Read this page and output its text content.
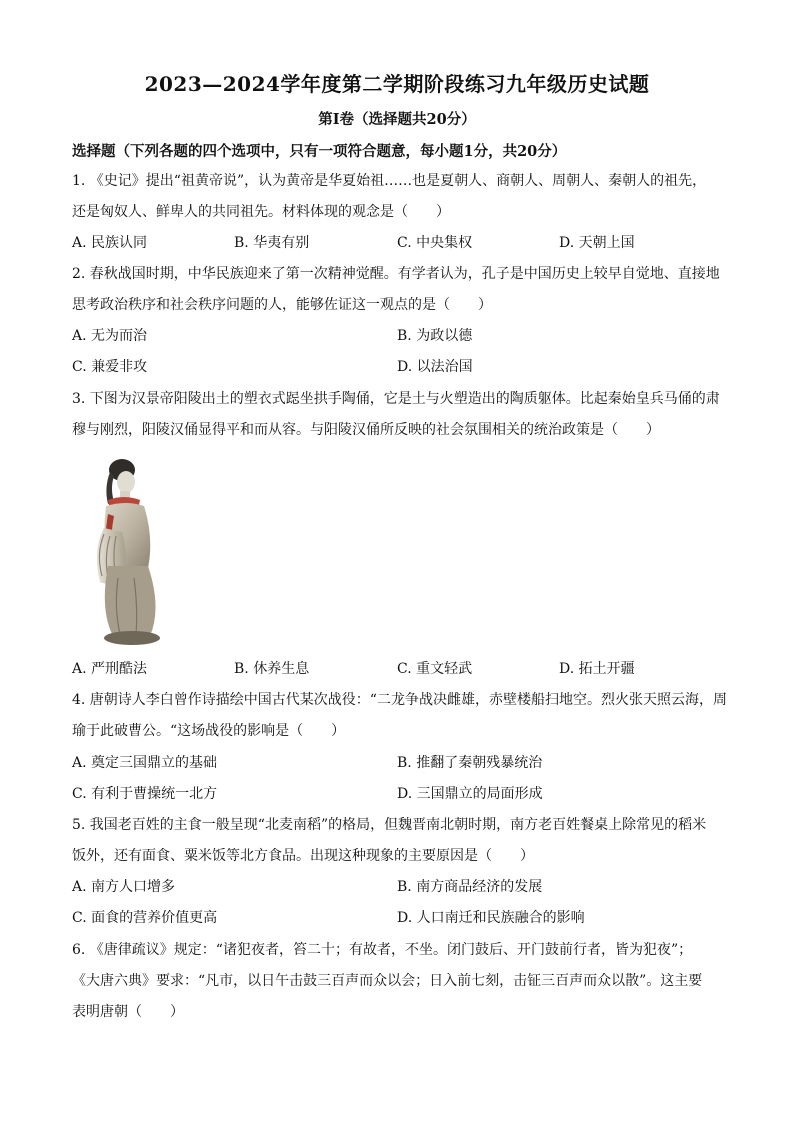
2023—2024学年度第二学期阶段练习九年级历史试题
第Ⅰ卷（选择题共20分）
选择题（下列各题的四个选项中，只有一项符合题意，每小题1分，共20分）
1. 《史记》提出“祖黄帝说”，认为黄帝是华夏始祖……也是夏朝人、商朝人、周朝人、秦朝人的祖先，
还是匈奴人、鲜卑人的共同祖先。材料体现的观念是（　　）
A. 民族认同	B. 华夷有别	C. 中央集权	D. 天朝上国
2. 春秋战国时期，中华民族迎来了第一次精神觉醒。有学者认为，孔子是中国历史上较早自觉地、直接地
思考政治秩序和社会秩序问题的人，能够佐证这一观点的是（　　）
A. 无为而治	B. 为政以德
C. 兼爱非攻	D. 以法治国
3. 下图为汉景帝阳陵出土的塑衣式跽坐拱手陶俑，它是土与火塑造出的陶质躯体。比起秦始皇兵马俑的肃
穆与刚烈，阳陵汉俑显得平和而从容。与阳陵汉俑所反映的社会氛围相关的统治政策是（　　）
A. 严刑酷法	B. 休养生息	C. 重文轻武	D. 拓土开疆
4. 唐朝诗人李白曾作诗描绘中国古代某次战役：“二龙争战决雌雄，赤壁楼船扫地空。烈火张天照云海，周
瑜于此破曹公。“这场战役的影响是（　　）
A. 奠定三国鼎立的基础	B. 推翻了秦朝残暴统治
C. 有利于曹操统一北方	D. 三国鼎立的局面形成
5. 我国老百姓的主食一般呈现“北麦南稻”的格局，但魏晋南北朝时期，南方老百姓餐桌上除常见的稻米
饭外，还有面食、粟米饭等北方食品。出现这种现象的主要原因是（　　）
A. 南方人口增多	B. 南方商品经济的发展
C. 面食的营养价值更高	D. 人口南迁和民族融合的影响
6. 《唐律疏议》规定：“诸犯夜者，笞二十；有故者，不坐。闭门鼓后、开门鼓前行者，皆为犯夜”；
《大唐六典》要求：“凡市，以日午击鼓三百声而众以会；日入前七刻，击钲三百声而众以散”。这主要
表明唐朝（　　）
